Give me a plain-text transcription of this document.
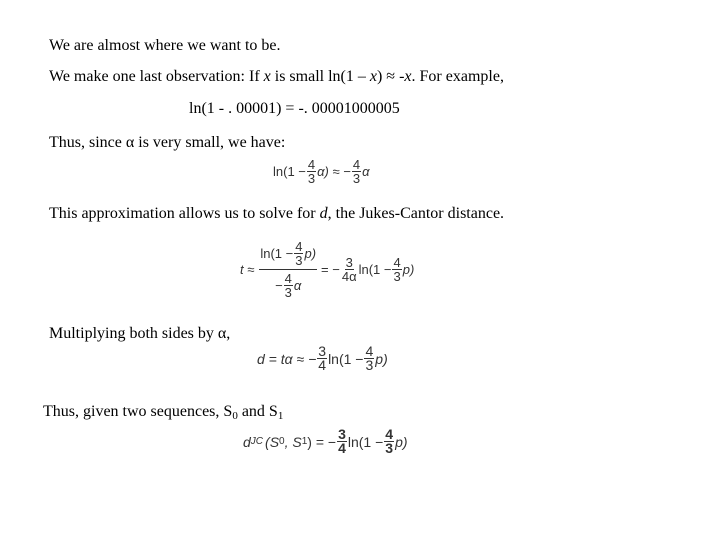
We are almost where we want to be.
We make one last observation: If x is small ln(1 – x) ≈ -x. For example,
ln(1 - . 00001) = -. 00001000005
Thus, since α is very small, we have:
$\ln(1 - \frac{4}{3} \alpha)$ ≈ − $\frac{4}{3}$ α
This approximation allows us to solve for d, the Jukes-Cantor distance.
$t \approx \frac{\ln(1 - \frac{4}{3} p)}{- \frac{4}{3} \alpha}$ = − $\frac{3}{4\alpha} \ln(1 - \frac{4}{3} p)$
Multiplying both sides by α,
d = tα ≈ − $\frac{3}{4} \ln(1 - \frac{4}{3} p)$
Thus, given two sequences, $S_0$ and $S_1$
d JC (S 0 , S 1 ) = − $\frac{3}{4} \ln(1 - \frac{4}{3} p)$
